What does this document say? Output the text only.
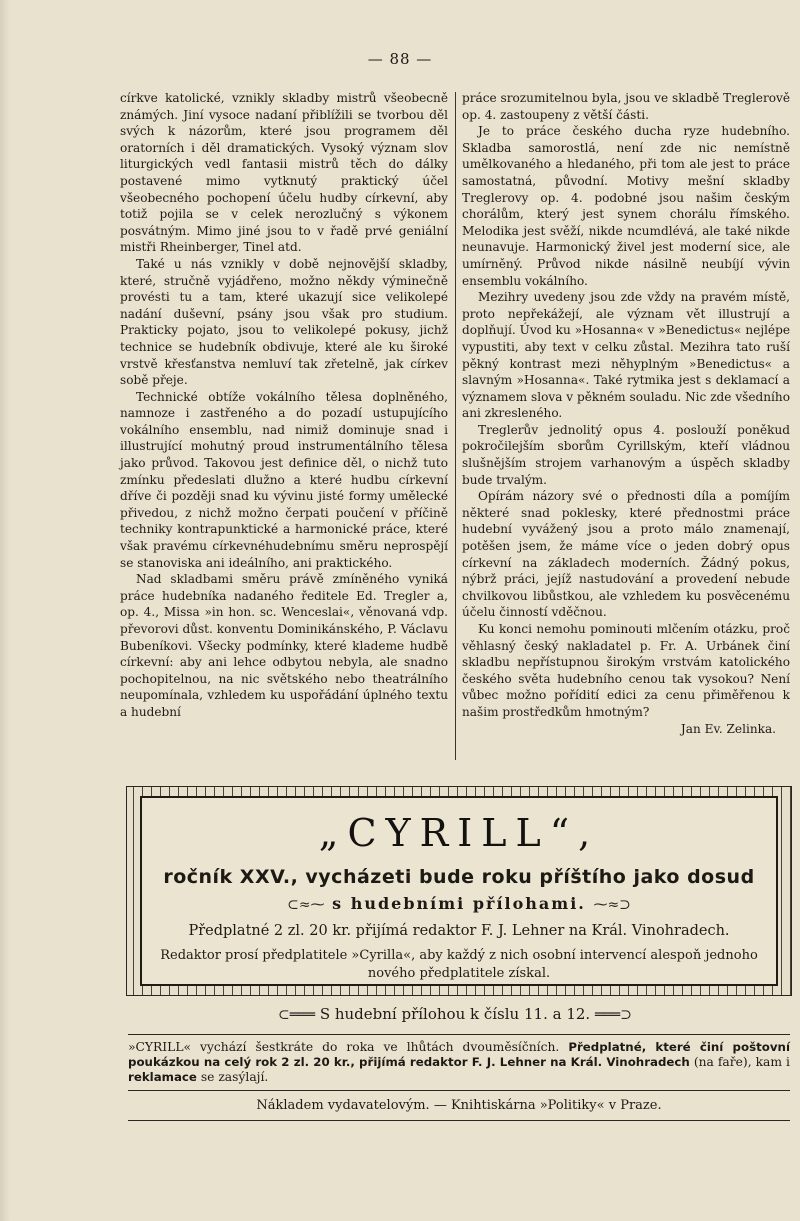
— 88 —

církve katolické, vznikly skladby mistrů všeobecně známých. Jiní vysoce nadaní přiblížili se tvorbou děl svých k názorům, které jsou programem děl oratorních i děl dramatických. Vysoký význam slov liturgických vedl fantasii mistrů těch do dálky postavené mimo vytknutý praktický účel všeobecného pochopení účelu hudby církevní, aby totiž pojila se v celek nerozlučný s výkonem posvátným. Mimo jiné jsou to v řadě prvé geniální mistři Rheinberger, Tinel atd.

Také u nás vznikly v době nejnovější skladby, které, stručně vyjádřeno, možno někdy výminečně provésti tu a tam, které ukazují sice velikolepé nadání duševní, psány jsou však pro studium. Prakticky pojato, jsou to velikolepé pokusy, jichž technice se hudebník obdivuje, které ale ku široké vrstvě křesťanstva nemluví tak zřetelně, jak církev sobě přeje.

Technické obtíže vokálního tělesa doplněného, namnoze i zastřeného a do pozadí ustupujícího vokálního ensemblu, nad nimiž dominuje snad i illustrující mohutný proud instrumentálního tělesa jako průvod. Takovou jest definice děl, o nichž tuto zmínku předeslati dlužno a které hudbu církevní dříve či později snad ku vývinu jisté formy umělecké přivedou, z nichž možno čerpati poučení v příčině techniky kontrapunktické a harmonické práce, které však pravému církevnéhudebnímu směru neprospějí se stanoviska ani ideálního, ani praktického.

Nad skladbami směru právě zmíněného vyniká práce hudebníka nadaného ředitele Ed. Tregler a, op. 4., Missa »in hon. sc. Wenceslai«, věnovaná vdp. převorovi důst. konventu Dominikánského, P. Václavu Bubeníkovi. Všecky podmínky, které klademe hudbě církevní: aby ani lehce odbytou nebyla, ale snadno pochopitelnou, na nic světského nebo theatrálního neupomínala, vzhledem ku uspořádání úplného textu a hudební

práce srozumitelnou byla, jsou ve skladbě Treglerově op. 4. zastoupeny z větší části.

Je to práce českého ducha ryze hudebního. Skladba samorostlá, není zde nic nemístně umělkovaného a hledaného, při tom ale jest to práce samostatná, původní. Motivy mešní skladby Treglerovy op. 4. podobné jsou našim českým chorálům, který jest synem chorálu římského. Melodika jest svěží, nikde ncumdlévá, ale také nikde neunavuje. Harmonický živel jest moderní sice, ale umírněný. Průvod nikde násilně neubíjí vývin ensemblu vokálního.

Mezihry uvedeny jsou zde vždy na pravém místě, proto nepřekážejí, ale význam vět illustrují a doplňují. Úvod ku »Hosanna« v »Benedictus« nejlépe vypustiti, aby text v celku zůstal. Mezihra tato ruší pěkný kontrast mezi něhyplným »Benedictus« a slavným »Hosanna«. Také rytmika jest s deklamací a významem slova v pěkném souladu. Nic zde všedního ani zkresleného.

Treglerův jednolitý opus 4. poslouží poněkud pokročilejším sborům Cyrillským, kteří vládnou slušnějším strojem varhanovým a úspěch skladby bude trvalým.

Opírám názory své o přednosti díla a pomíjím některé snad poklesky, které přednostmi práce hudební vyvážený jsou a proto málo znamenají, potěšen jsem, že máme více o jeden dobrý opus církevní na základech moderních. Žádný pokus, nýbrž práci, jejíž nastudování a provedení nebude chvilkovou libůstkou, ale vzhledem ku posvěcenému účelu činností vděčnou.

Ku konci nemohu pominouti mlčením otázku, proč věhlasný český nakladatel p. Fr. A. Urbánek činí skladbu nepřístupnou širokým vrstvám katolického českého světa hudebního cenou tak vysokou? Není vůbec možno pořídití edici za cenu přiměřenou k našim prostředkům hmotným?

Jan Ev. Zelinka.

„CYRILL“,
ročník XXV., vycházeti bude roku příštího jako dosud
⊂≈⁓ s hudebními přílohami. ⁓≈⊃
Předplatné 2 zl. 20 kr. přijímá redaktor F. J. Lehner na Král. Vinohradech.
Redaktor prosí předplatitele »Cyrilla«, aby každý z nich osobní intervencí alespoň jednoho nového předplatitele získal.
⊂═══ S hudební přílohou k číslu 11. a 12. ═══⊃
»CYRILL« vychází šestkráte do roka ve lhůtách dvouměsíčních. Předplatné, které činí poštovní poukázkou na celý rok 2 zl. 20 kr., přijímá redaktor F. J. Lehner na Král. Vinohradech (na faře), kam i reklamace se zasýlají.
Nákladem vydavatelovým. — Knihtiskárna »Politiky« v Praze.
